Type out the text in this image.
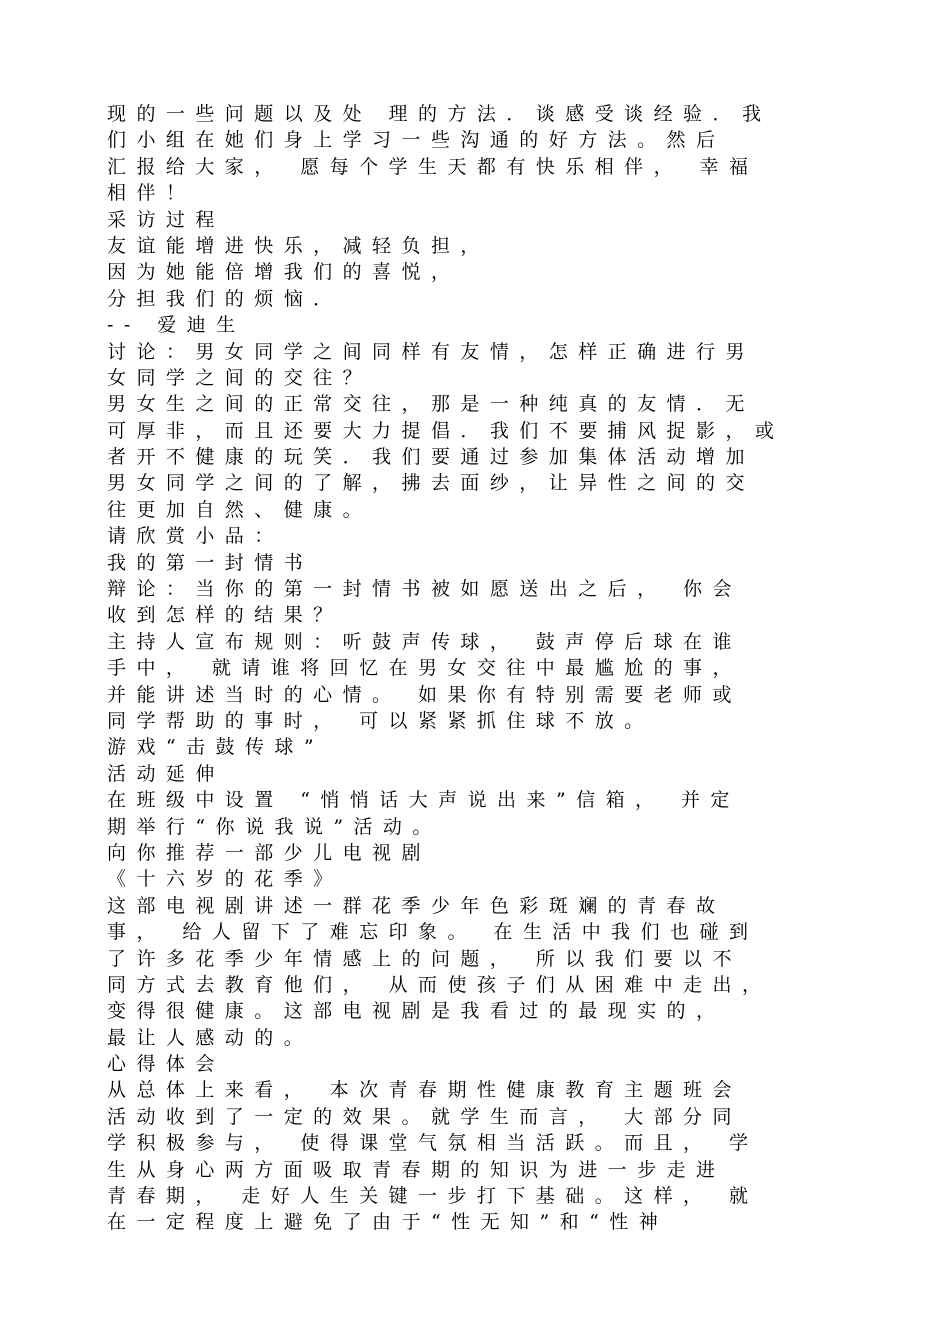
现的一些问题以及处 理的方法．谈感受谈经验．我
们小组在她们身上学习一些沟通的好方法。然后
汇报给大家， 愿每个学生天都有快乐相伴， 幸福
相伴！
采访过程
友谊能增进快乐，减轻负担，
因为她能倍增我们的喜悦，
分担我们的烦恼．
-- 爱迪生
讨论：男女同学之间同样有友情，怎样正确进行男
女同学之间的交往？
男女生之间的正常交往，那是一种纯真的友情．无
可厚非，而且还要大力提倡．我们不要捕风捉影，或
者开不健康的玩笑．我们要通过参加集体活动增加
男女同学之间的了解，拂去面纱，让异性之间的交
往更加自然、健康。
请欣赏小品：
我的第一封情书
辩论：当你的第一封情书被如愿送出之后， 你会
收到怎样的结果？
主持人宣布规则：听鼓声传球， 鼓声停后球在谁
手中， 就请谁将回忆在男女交往中最尴尬的事，
并能讲述当时的心情。 如果你有特别需要老师或
同学帮助的事时， 可以紧紧抓住球不放。
游戏“击鼓传球”
活动延伸
在班级中设置 “悄悄话大声说出来”信箱， 并定
期举行“你说我说”活动。
向你推荐一部少儿电视剧
《十六岁的花季》
这部电视剧讲述一群花季少年色彩斑斓的青春故
事， 给人留下了难忘印象。 在生活中我们也碰到
了许多花季少年情感上的问题， 所以我们要以不
同方式去教育他们， 从而使孩子们从困难中走出，
变得很健康。这部电视剧是我看过的最现实的，
最让人感动的。
心得体会
从总体上来看， 本次青春期性健康教育主题班会
活动收到了一定的效果。就学生而言， 大部分同
学积极参与， 使得课堂气氛相当活跃。而且， 学
生从身心两方面吸取青春期的知识为进一步走进
青春期， 走好人生关键一步打下基础。这样， 就
在一定程度上避免了由于“性无知”和“性神
